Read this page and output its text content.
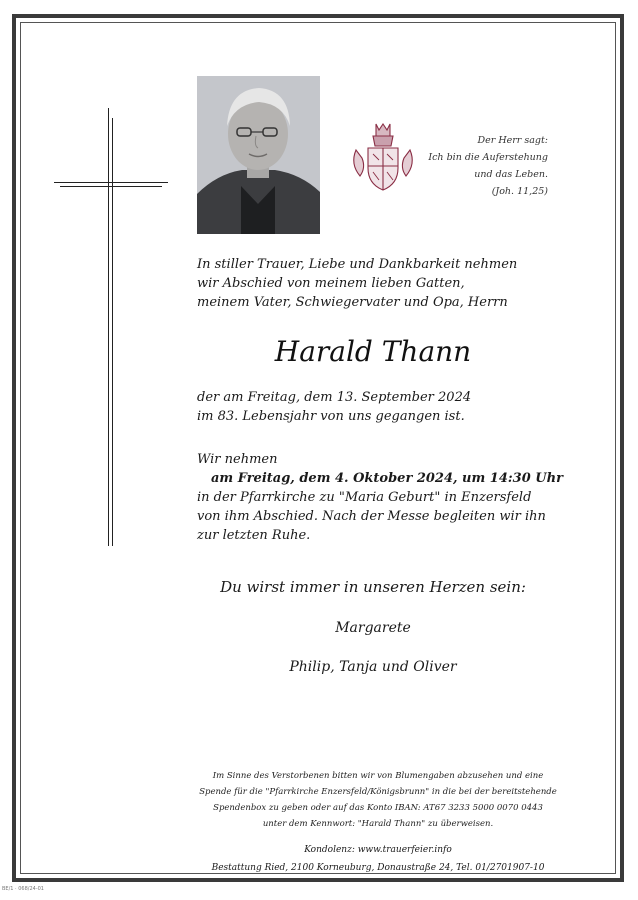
Der Herr sagt:
Ich bin die Auferstehung
und das Leben.
(Joh. 11,25)
In stiller Trauer, Liebe und Dankbarkeit nehmen
wir Abschied von meinem lieben Gatten,
meinem Vater, Schwiegervater und Opa, Herrn
Harald Thann
der am Freitag, dem 13. September 2024
im 83. Lebensjahr von uns gegangen ist.
Wir nehmen
am Freitag, dem 4. Oktober 2024, um 14:30 Uhr
in der Pfarrkirche zu "Maria Geburt" in Enzersfeld
von ihm Abschied. Nach der Messe begleiten wir ihn
zur letzten Ruhe.
Du wirst immer in unseren Herzen sein:
Margarete
Philip, Tanja und Oliver
Im Sinne des Verstorbenen bitten wir von Blumengaben abzusehen und eine
Spende für die "Pfarrkirche Enzersfeld/Königsbrunn" in die bei der bereitstehende
Spendenbox zu geben oder auf das Konto IBAN: AT67 3233 5000 0070 0443
unter dem Kennwort: "Harald Thann" zu überweisen.
Kondolenz: www.trauerfeier.info
Bestattung Ried, 2100 Korneuburg, Donaustraße 24, Tel. 01/2701907-10
BE/1 · 068/24-01
